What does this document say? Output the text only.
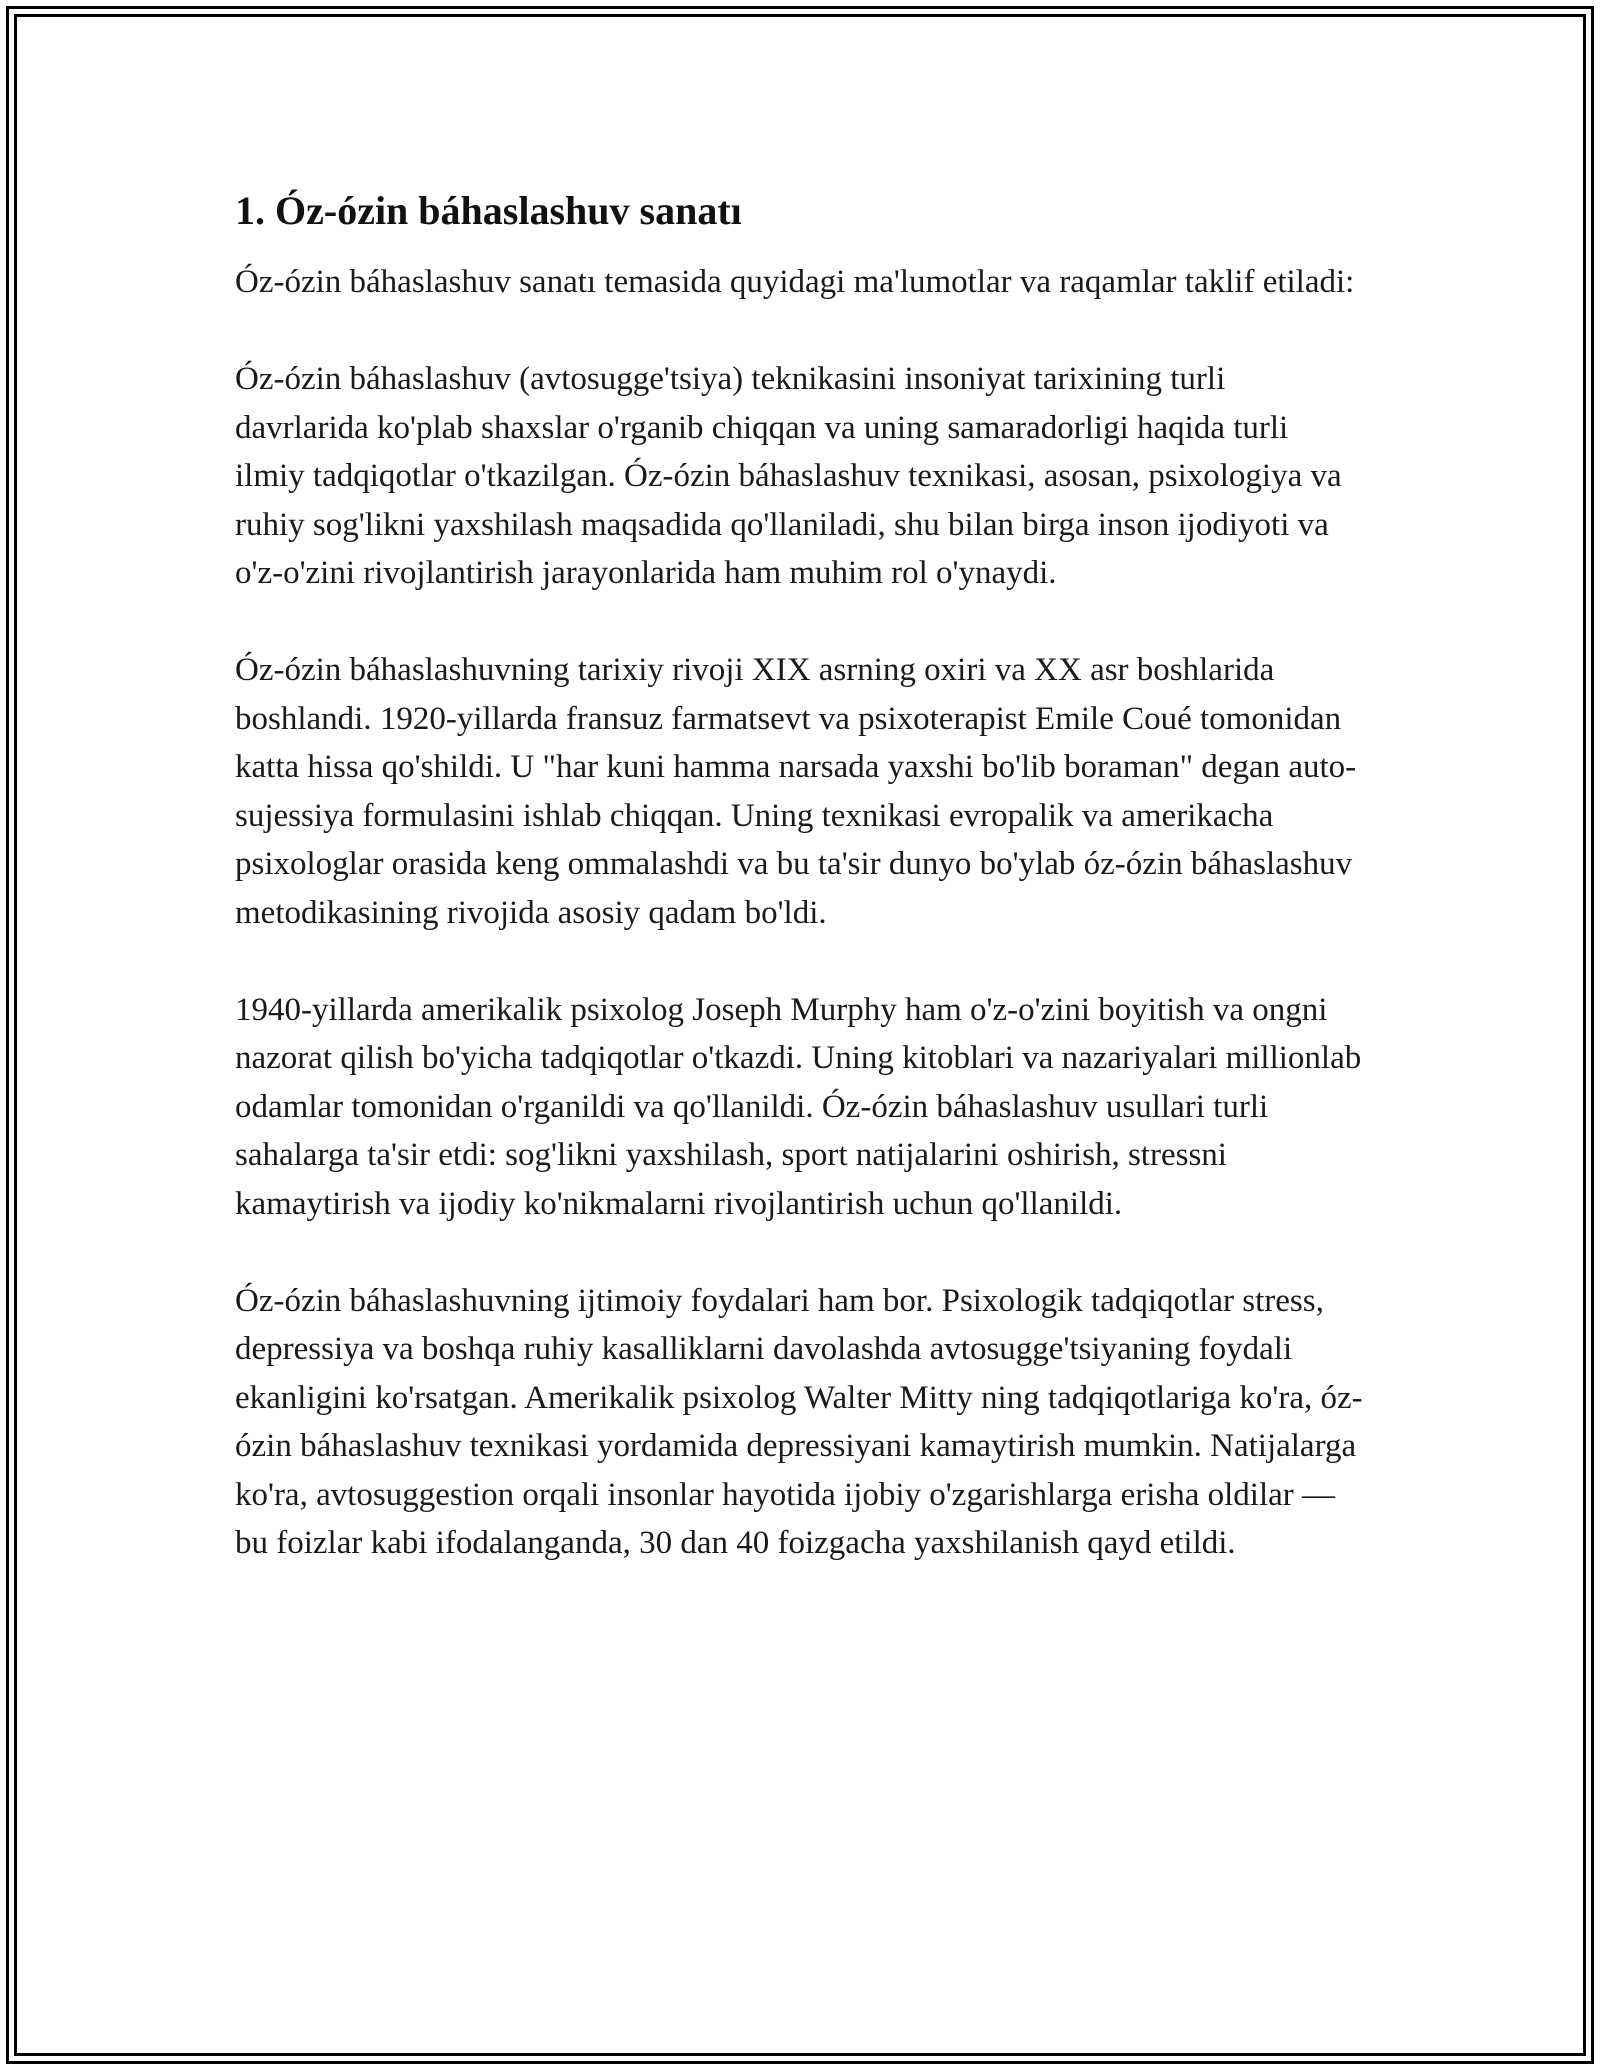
1. Óz-ózin báhaslashuv sanatı

Óz-ózin báhaslashuv sanatı temasida quyidagi ma'lumotlar va raqamlar taklif etiladi:

Óz-ózin báhaslashuv (avtosugge'tsiya) teknikasini insoniyat tarixining turli davrlarida ko'plab shaxslar o'rganib chiqqan va uning samaradorligi haqida turli ilmiy tadqiqotlar o'tkazilgan. Óz-ózin báhaslashuv texnikasi, asosan, psixologiya va ruhiy sog'likni yaxshilash maqsadida qo'llaniladi, shu bilan birga inson ijodiyoti va o'z-o'zini rivojlantirish jarayonlarida ham muhim rol o'ynaydi.

Óz-ózin báhaslashuvning tarixiy rivoji XIX asrning oxiri va XX asr boshlarida boshlandi. 1920-yillarda fransuz farmatsevt va psixoterapist Emile Coué tomonidan katta hissa qo'shildi. U "har kuni hamma narsada yaxshi bo'lib boraman" degan auto-sujessiya formulasini ishlab chiqqan. Uning texnikasi evropalik va amerikacha psixologlar orasida keng ommalashdi va bu ta'sir dunyo bo'ylab óz-ózin báhaslashuv metodikasining rivojida asosiy qadam bo'ldi.

1940-yillarda amerikalik psixolog Joseph Murphy ham o'z-o'zini boyitish va ongni nazorat qilish bo'yicha tadqiqotlar o'tkazdi. Uning kitoblari va nazariyalari millionlab odamlar tomonidan o'rganildi va qo'llanildi. Óz-ózin báhaslashuv usullari turli sahalarga ta'sir etdi: sog'likni yaxshilash, sport natijalarini oshirish, stressni kamaytirish va ijodiy ko'nikmalarni rivojlantirish uchun qo'llanildi.

Óz-ózin báhaslashuvning ijtimoiy foydalari ham bor. Psixologik tadqiqotlar stress, depressiya va boshqa ruhiy kasalliklarni davolashda avtosugge'tsiyaning foydali ekanligini ko'rsatgan. Amerikalik psixolog Walter Mitty ning tadqiqotlariga ko'ra, óz-ózin báhaslashuv texnikasi yordamida depressiyani kamaytirish mumkin. Natijalarga ko'ra, avtosuggestion orqali insonlar hayotida ijobiy o'zgarishlarga erisha oldilar — bu foizlar kabi ifodalanganda, 30 dan 40 foizgacha yaxshilanish qayd etildi.
